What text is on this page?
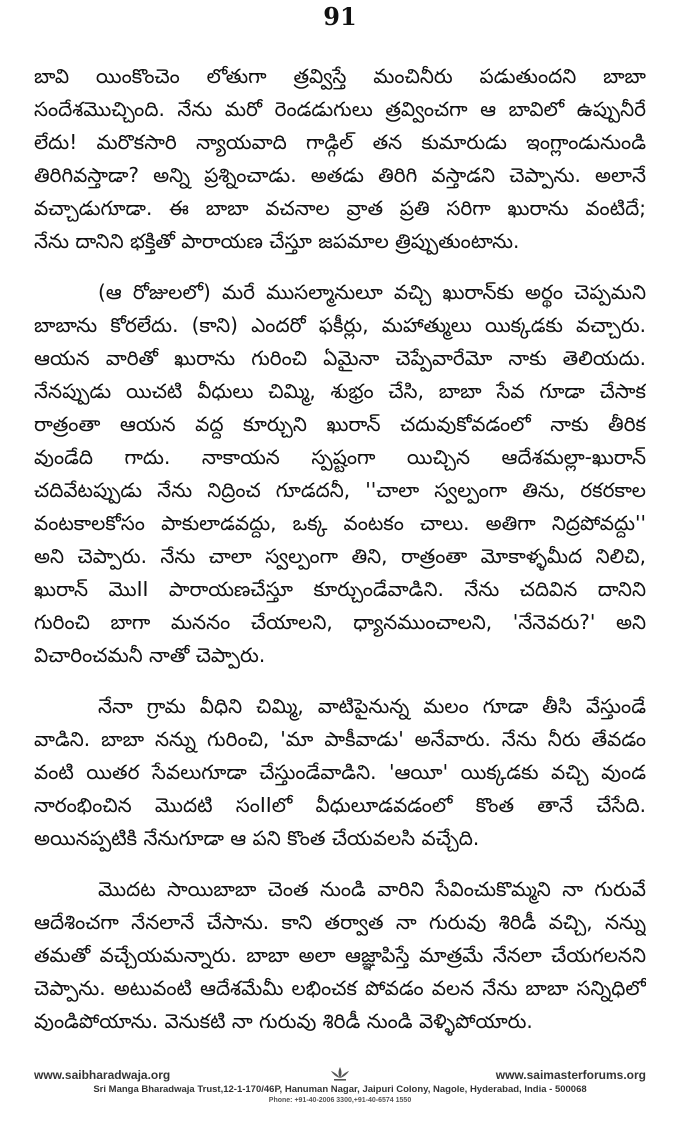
91
బావి యింకొంచెం లోతుగా త్రవ్విస్తే మంచినీరు పడుతుందని బాబా
సందేశమొచ్చింది. నేను మరో రెండడుగులు త్రవ్వించగా ఆ బావిలో ఉప్పునీరే
లేదు! మరొకసారి న్యాయవాది గాడ్గిల్ తన కుమారుడు ఇంగ్లాండునుండి
తిరిగివస్తాడా? అన్ని ప్రశ్నించాడు. అతడు తిరిగి వస్తాడని చెప్పాను. అలానే
వచ్చాడుగూడా. ఈ బాబా వచనాల వ్రాత ప్రతి సరిగా ఖురాను వంటిదే;
నేను దానిని భక్తితో పారాయణ చేస్తూ జపమాల త్రిప్పుతుంటాను.
(ఆ రోజులలో) మరే ముసల్మానులూ వచ్చి ఖురాన్‌కు అర్థం చెప్పమని
బాబాను కోరలేదు. (కాని) ఎందరో ఫకీర్లు, మహాత్ములు యిక్కడకు వచ్చారు.
ఆయన వారితో ఖురాను గురించి ఏమైనా చెప్పేవారేమో నాకు తెలియదు.
నేనప్పుడు యిచటి వీధులు చిమ్మి, శుభ్రం చేసి, బాబా సేవ గూడా చేసాక
రాత్రంతా ఆయన వద్ద కూర్చుని ఖురాన్ చదువుకోవడంలో నాకు తీరిక
వుండేది గాదు. నాకాయన స్పష్టంగా యిచ్చిన ఆదేశమల్లా-ఖురాన్
చదివేటప్పుడు నేను నిద్రించ గూడదనీ, ''చాలా స్వల్పంగా తిను, రకరకాల
వంటకాలకోసం పాకులాడవద్దు, ఒక్క వంటకం చాలు. అతిగా నిద్రపోవద్దు''
అని చెప్పారు. నేను చాలా స్వల్పంగా తిని, రాత్రంతా మోకాళ్ళమీద నిలిచి,
ఖురాన్ మొII పారాయణచేస్తూ కూర్చుండేవాడిని. నేను చదివిన దానిని
గురించి బాగా మననం చేయాలని, ధ్యానముంచాలని, 'నేనెవరు?' అని
విచారించమనీ నాతో చెప్పారు.
నేనా గ్రామ వీధిని చిమ్మి, వాటిపైనున్న మలం గూడా తీసి వేస్తుండే
వాడిని. బాబా నన్ను గురించి, 'మా పాకీవాడు' అనేవారు. నేను నీరు తేవడం
వంటి యితర సేవలుగూడా చేస్తుండేవాడిని. 'ఆయీ' యిక్కడకు వచ్చి వుండ
నారంభించిన మొదటి సంIIలో వీధులూడవడంలో కొంత తానే చేసేది.
అయినప్పటికి నేనుగూడా ఆ పని కొంత చేయవలసి వచ్చేది.
మొదట సాయిబాబా చెంత నుండి వారిని సేవించుకొమ్మని నా గురువే
ఆదేశించగా నేనలానే చేసాను. కాని తర్వాత నా గురువు శిరిడీ వచ్చి, నన్ను
తమతో వచ్చేయమన్నారు. బాబా అలా ఆజ్ఞాపిస్తే మాత్రమే నేనలా చేయగలనని
చెప్పాను. అటువంటి ఆదేశమేమీ లభించక పోవడం వలన నేను బాబా సన్నిధిలో
వుండిపోయాను. వెనుకటి నా గురువు శిరిడీ నుండి వెళ్ళిపోయారు.
www.saibharadwaja.org	www.saimasterforums.org
Sri Manga Bharadwaja Trust,12-1-170/46P, Hanuman Nagar, Jaipuri Colony, Nagole, Hyderabad, India - 500068
Phone: +91-40-2006 3300,+91-40-6574 1550
